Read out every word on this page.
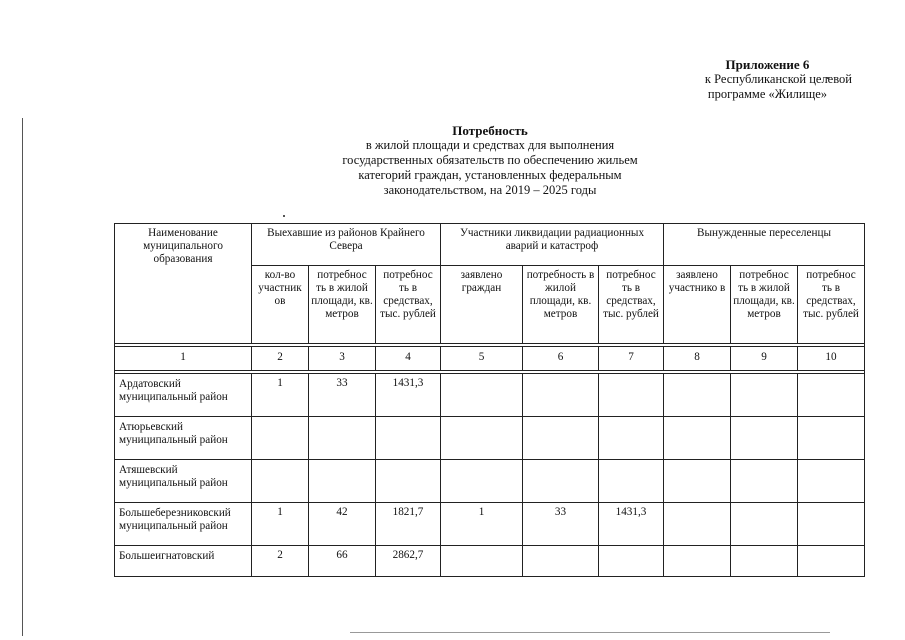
Приложение 6
к Республиканской целевой
программе «Жилище»
Потребность
в жилой площади и средствах для выполнения
государственных обязательств по обеспечению жильем
категорий граждан, установленных федеральным
законодательством, на 2019 – 2025 годы
Наименование муниципального образования	Выехавшие из районов Крайнего Севера			Участники ликвидации радиационных аварий и катастроф			Вынужденные переселенцы		
	кол-во участник ов	потребнос ть в жилой площади, кв. метров	потребнос ть в средствах, тыс. рублей	заявлено граждан	потребность в жилой площади, кв. метров	потребнос ть в средствах, тыс. рублей	заявлено участнико в	потребнос ть в жилой площади, кв. метров	потребнос ть в средствах, тыс. рублей

1	2	3	4	5	6	7	8	9	10

Ардатовский муниципальный район	1	33	1431,3						
Атюрьевский муниципальный район									
Атяшевский муниципальный район									
Большеберезниковский муниципальный район	1	42	1821,7	1	33	1431,3			
Большеигнатовский	2	66	2862,7						
